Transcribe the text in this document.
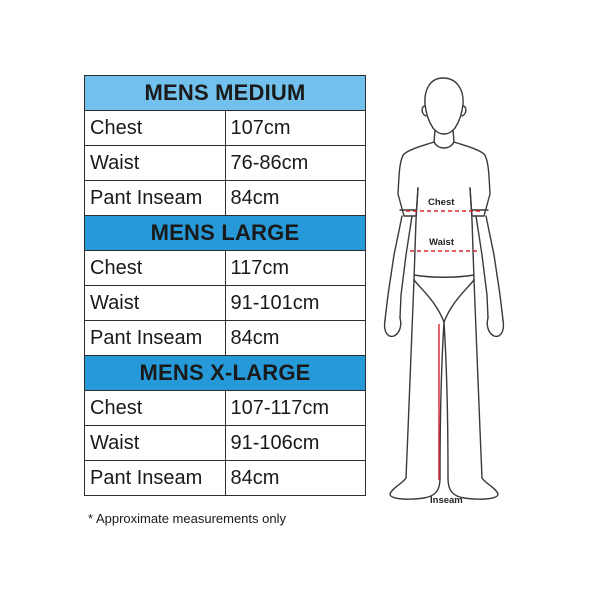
MENS MEDIUM	
Chest	107cm
Waist	76-86cm
Pant Inseam	84cm
MENS LARGE	
Chest	117cm
Waist	91-101cm
Pant Inseam	84cm
MENS X-LARGE	
Chest	107-117cm
Waist	91-106cm
Pant Inseam	84cm
* Approximate measurements only
Chest
Waist
Inseam
